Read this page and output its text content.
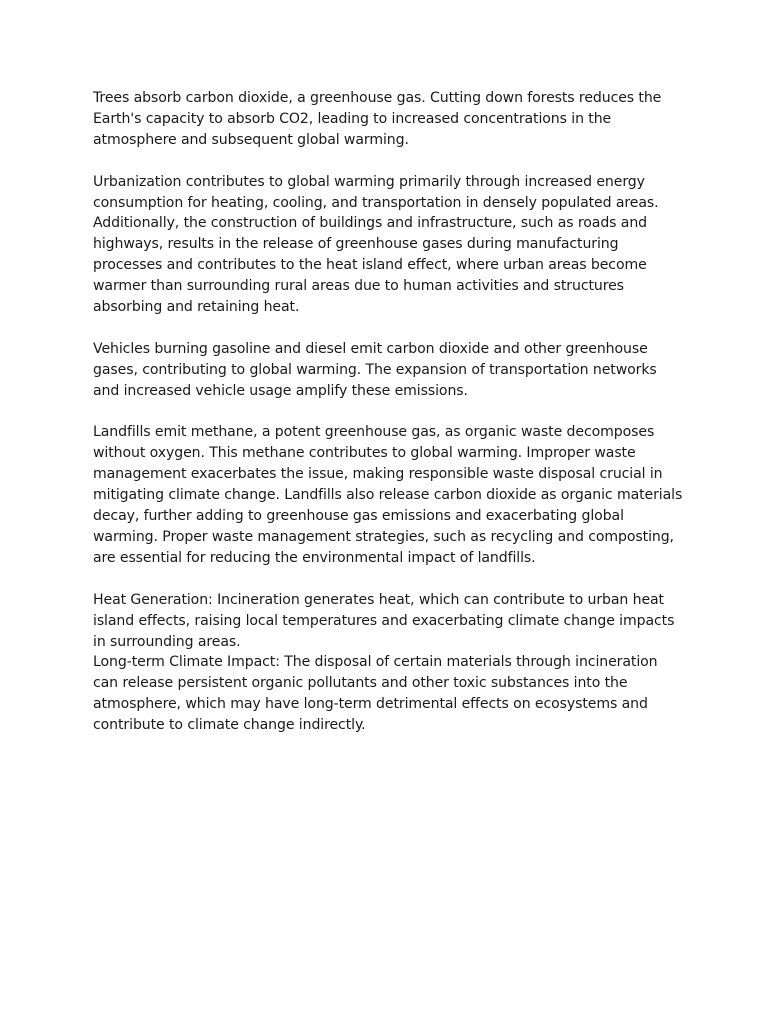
Trees absorb carbon dioxide, a greenhouse gas. Cutting down forests reduces the Earth's capacity to absorb CO2, leading to increased concentrations in the atmosphere and subsequent global warming.

Urbanization contributes to global warming primarily through increased energy consumption for heating, cooling, and transportation in densely populated areas. Additionally, the construction of buildings and infrastructure, such as roads and highways, results in the release of greenhouse gases during manufacturing processes and contributes to the heat island effect, where urban areas become warmer than surrounding rural areas due to human activities and structures absorbing and retaining heat.

Vehicles burning gasoline and diesel emit carbon dioxide and other greenhouse gases, contributing to global warming. The expansion of transportation networks and increased vehicle usage amplify these emissions.

Landfills emit methane, a potent greenhouse gas, as organic waste decomposes without oxygen. This methane contributes to global warming. Improper waste management exacerbates the issue, making responsible waste disposal crucial in mitigating climate change. Landfills also release carbon dioxide as organic materials decay, further adding to greenhouse gas emissions and exacerbating global warming. Proper waste management strategies, such as recycling and composting, are essential for reducing the environmental impact of landfills.

Heat Generation: Incineration generates heat, which can contribute to urban heat island effects, raising local temperatures and exacerbating climate change impacts in surrounding areas.

Long-term Climate Impact: The disposal of certain materials through incineration can release persistent organic pollutants and other toxic substances into the atmosphere, which may have long-term detrimental effects on ecosystems and contribute to climate change indirectly.
